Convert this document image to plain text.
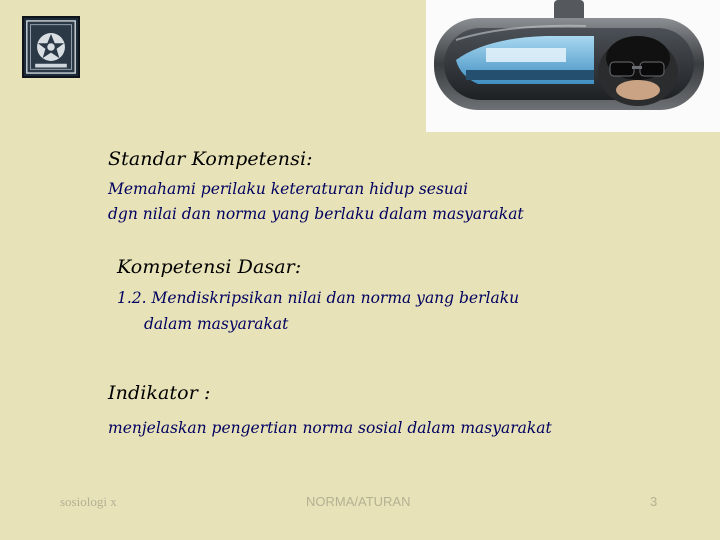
Standar Kompetensi:
Memahami perilaku keteraturan hidup sesuai
dgn nilai dan norma yang berlaku dalam masyarakat
Kompetensi Dasar:
1.2. Mendiskripsikan nilai dan norma yang berlaku
dalam masyarakat
Indikator :
menjelaskan pengertian norma sosial dalam masyarakat
sosiologi x	NORMA/ATURAN	3
